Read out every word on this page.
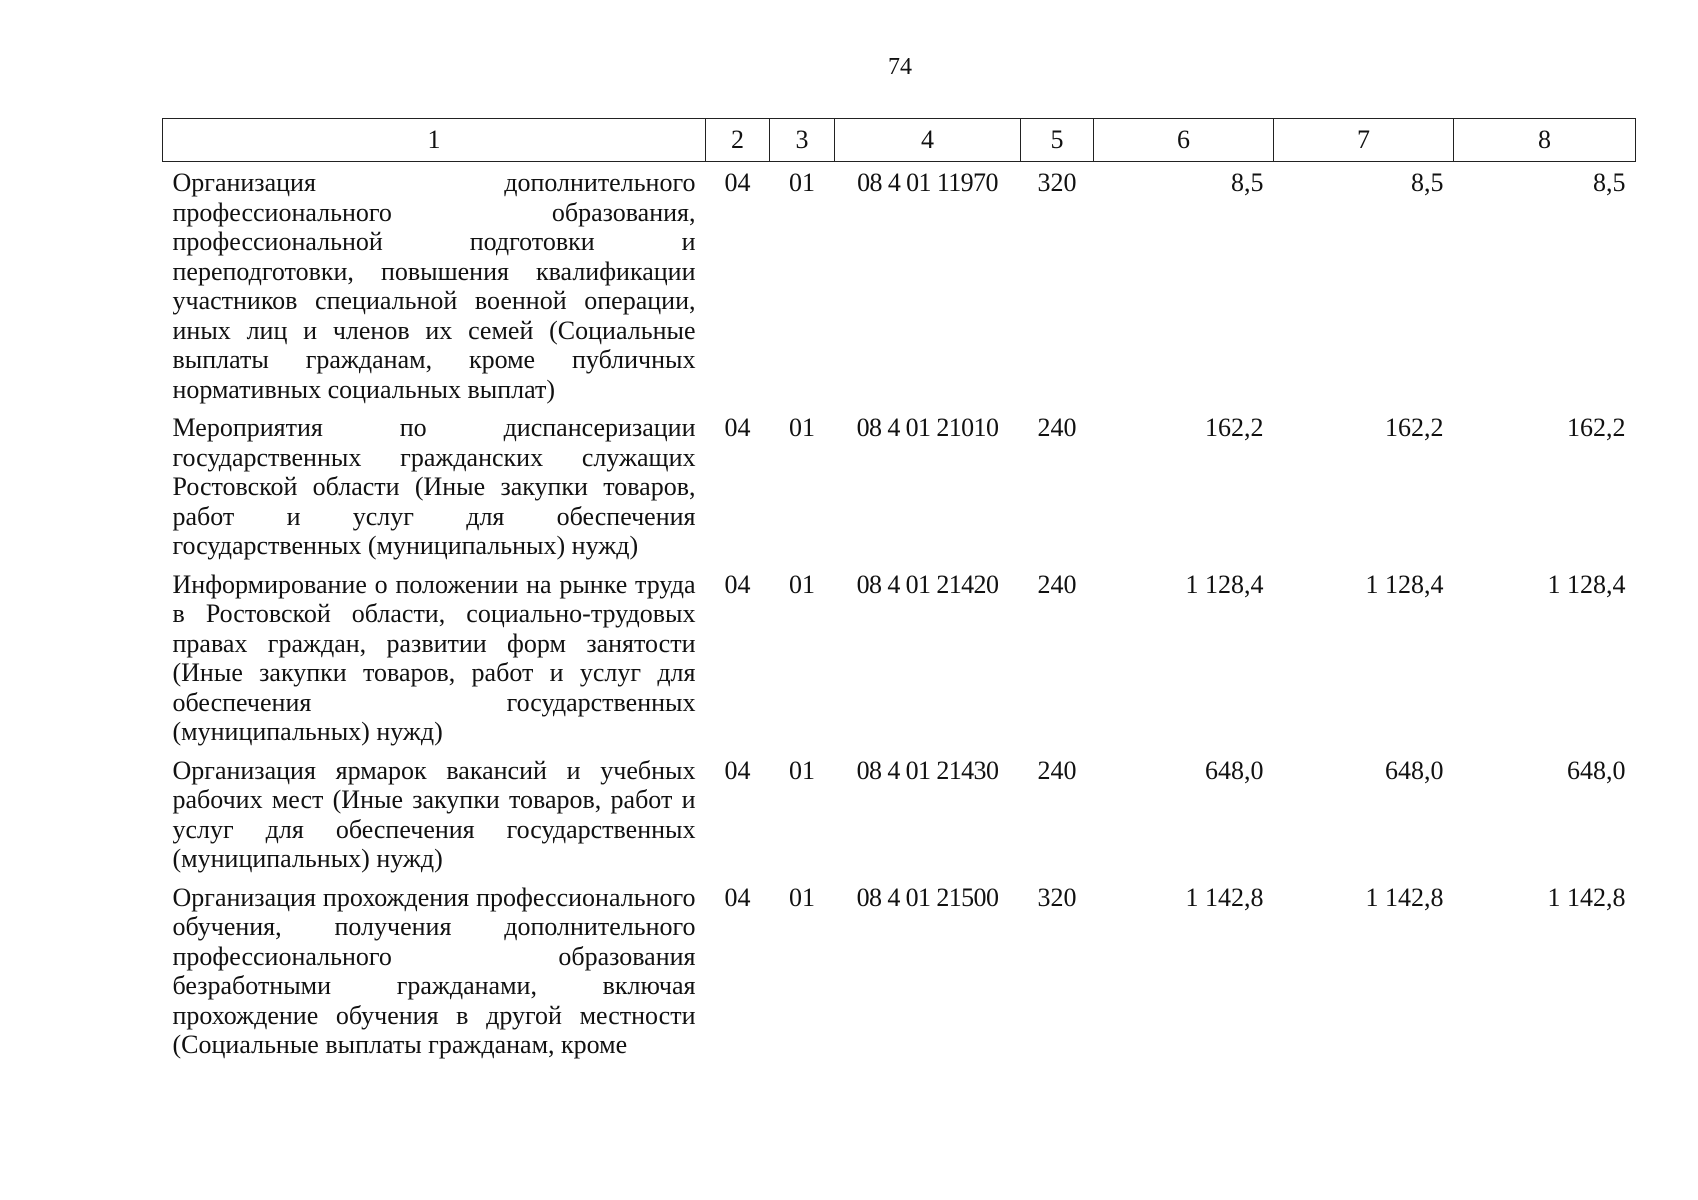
74
1	2	3	4	5	6	7	8
Организация дополнительного профессионального образования, профессиональной подготовки и переподготовки, повышения квалификации участников специальной военной операции, иных лиц и членов их семей (Социальные выплаты гражданам, кроме публичных нормативных социальных выплат)	04	01	08 4 01 11970	320	8,5	8,5	8,5
Мероприятия по диспансеризации государственных гражданских служащих Ростовской области (Иные закупки товаров, работ и услуг для обеспечения государственных (муниципальных) нужд)	04	01	08 4 01 21010	240	162,2	162,2	162,2
Информирование о положении на рынке труда в Ростовской области, социально-трудовых правах граждан, развитии форм занятости (Иные закупки товаров, работ и услуг для обеспечения государственных (муниципальных) нужд)	04	01	08 4 01 21420	240	1 128,4	1 128,4	1 128,4
Организация ярмарок вакансий и учебных рабочих мест (Иные закупки товаров, работ и услуг для обеспечения государственных (муниципальных) нужд)	04	01	08 4 01 21430	240	648,0	648,0	648,0
Организация прохождения профессионального обучения, получения дополнительного профессионального образования безработными гражданами, включая прохождение обучения в другой местности (Социальные выплаты гражданам, кроме	04	01	08 4 01 21500	320	1 142,8	1 142,8	1 142,8
